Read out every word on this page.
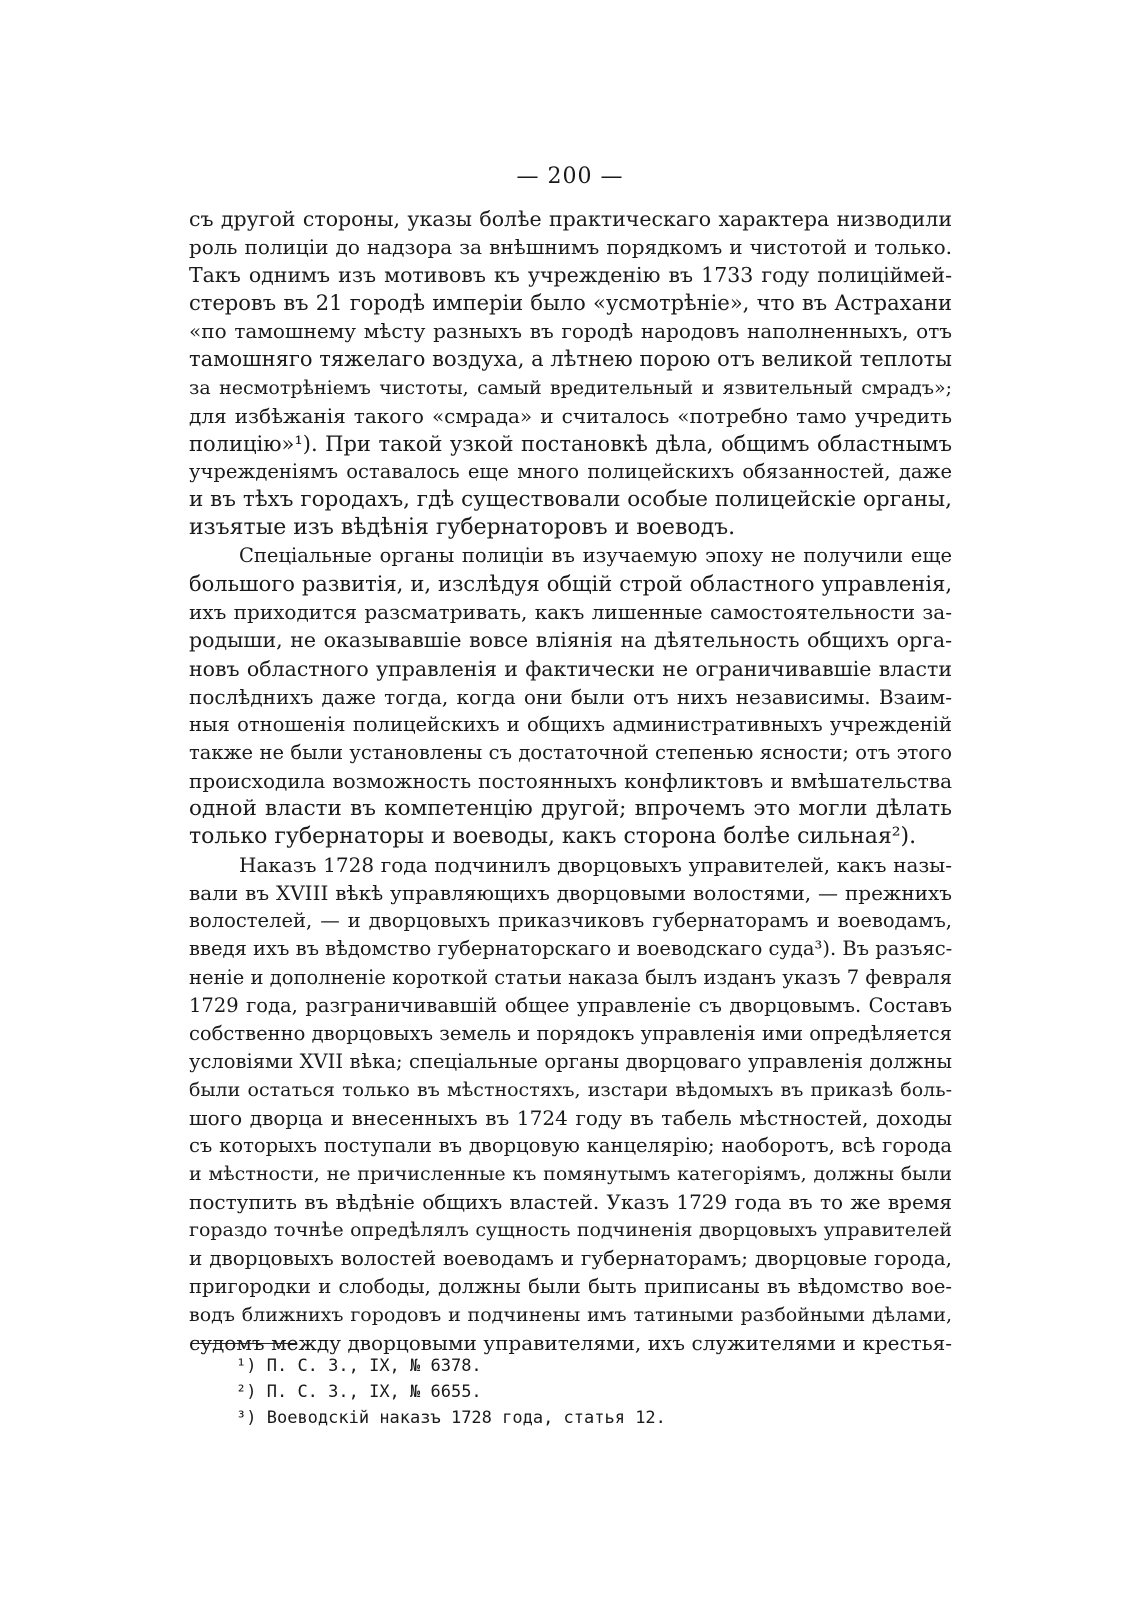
— 200 —
съ другой стороны, указы болѣе практическаго характера низводили
роль полиціи до надзора за внѣшнимъ порядкомъ и чистотой и только.
Такъ однимъ изъ мотивовъ къ учрежденію въ 1733 году полиціймей-
стеровъ въ 21 городѣ имперіи было «усмотрѣніе», что въ Астрахани
«по тамошнему мѣсту разныхъ въ городѣ народовъ наполненныхъ, отъ
тамошняго тяжелаго воздуха, а лѣтнею порою отъ великой теплоты
за несмотрѣніемъ чистоты, самый вредительный и язвительный смрадъ»;
для избѣжанія такого «смрада» и считалось «потребно тамо учредить
полицію»¹). При такой узкой постановкѣ дѣла, общимъ областнымъ
учрежденіямъ оставалось еще много полицейскихъ обязанностей, даже
и въ тѣхъ городахъ, гдѣ существовали особые полицейскіе органы,
изъятые изъ вѣдѣнія губернаторовъ и воеводъ.
Спеціальные органы полиціи въ изучаемую эпоху не получили еще
большого развитія, и, изслѣдуя общій строй областного управленія,
ихъ приходится разсматривать, какъ лишенные самостоятельности за-
родыши, не оказывавшіе вовсе вліянія на дѣятельность общихъ орга-
новъ областного управленія и фактически не ограничивавшіе власти
послѣднихъ даже тогда, когда они были отъ нихъ независимы. Взаим-
ныя отношенія полицейскихъ и общихъ административныхъ учрежденій
также не были установлены съ достаточной степенью ясности; отъ этого
происходила возможность постоянныхъ конфликтовъ и вмѣшательства
одной власти въ компетенцію другой; впрочемъ это могли дѣлать
только губернаторы и воеводы, какъ сторона болѣе сильная²).
Наказъ 1728 года подчинилъ дворцовыхъ управителей, какъ назы-
вали въ XVIII вѣкѣ управляющихъ дворцовыми волостями, — прежнихъ
волостелей, — и дворцовыхъ приказчиковъ губернаторамъ и воеводамъ,
введя ихъ въ вѣдомство губернаторскаго и воеводскаго суда³). Въ разъяс-
неніе и дополненіе короткой статьи наказа былъ изданъ указъ 7 февраля
1729 года, разграничивавшій общее управленіе съ дворцовымъ. Составъ
собственно дворцовыхъ земель и порядокъ управленія ими опредѣляется
условіями XVII вѣка; спеціальные органы дворцоваго управленія должны
были остаться только въ мѣстностяхъ, изстари вѣдомыхъ въ приказѣ боль-
шого дворца и внесенныхъ въ 1724 году въ табель мѣстностей, доходы
съ которыхъ поступали въ дворцовую канцелярію; наоборотъ, всѣ города
и мѣстности, не причисленные къ помянутымъ категоріямъ, должны были
поступить въ вѣдѣніе общихъ властей. Указъ 1729 года въ то же время
гораздо точнѣе опредѣлялъ сущность подчиненія дворцовыхъ управителей
и дворцовыхъ волостей воеводамъ и губернаторамъ; дворцовые города,
пригородки и слободы, должны были быть приписаны въ вѣдомство вое-
водъ ближнихъ городовъ и подчинены имъ татиными разбойными дѣлами,
судомъ между дворцовыми управителями, ихъ служителями и крестья-
¹) П. С. З., IX, № 6378.
²) П. С. З., IX, № 6655.
³) Воеводскій наказъ 1728 года, статья 12.
